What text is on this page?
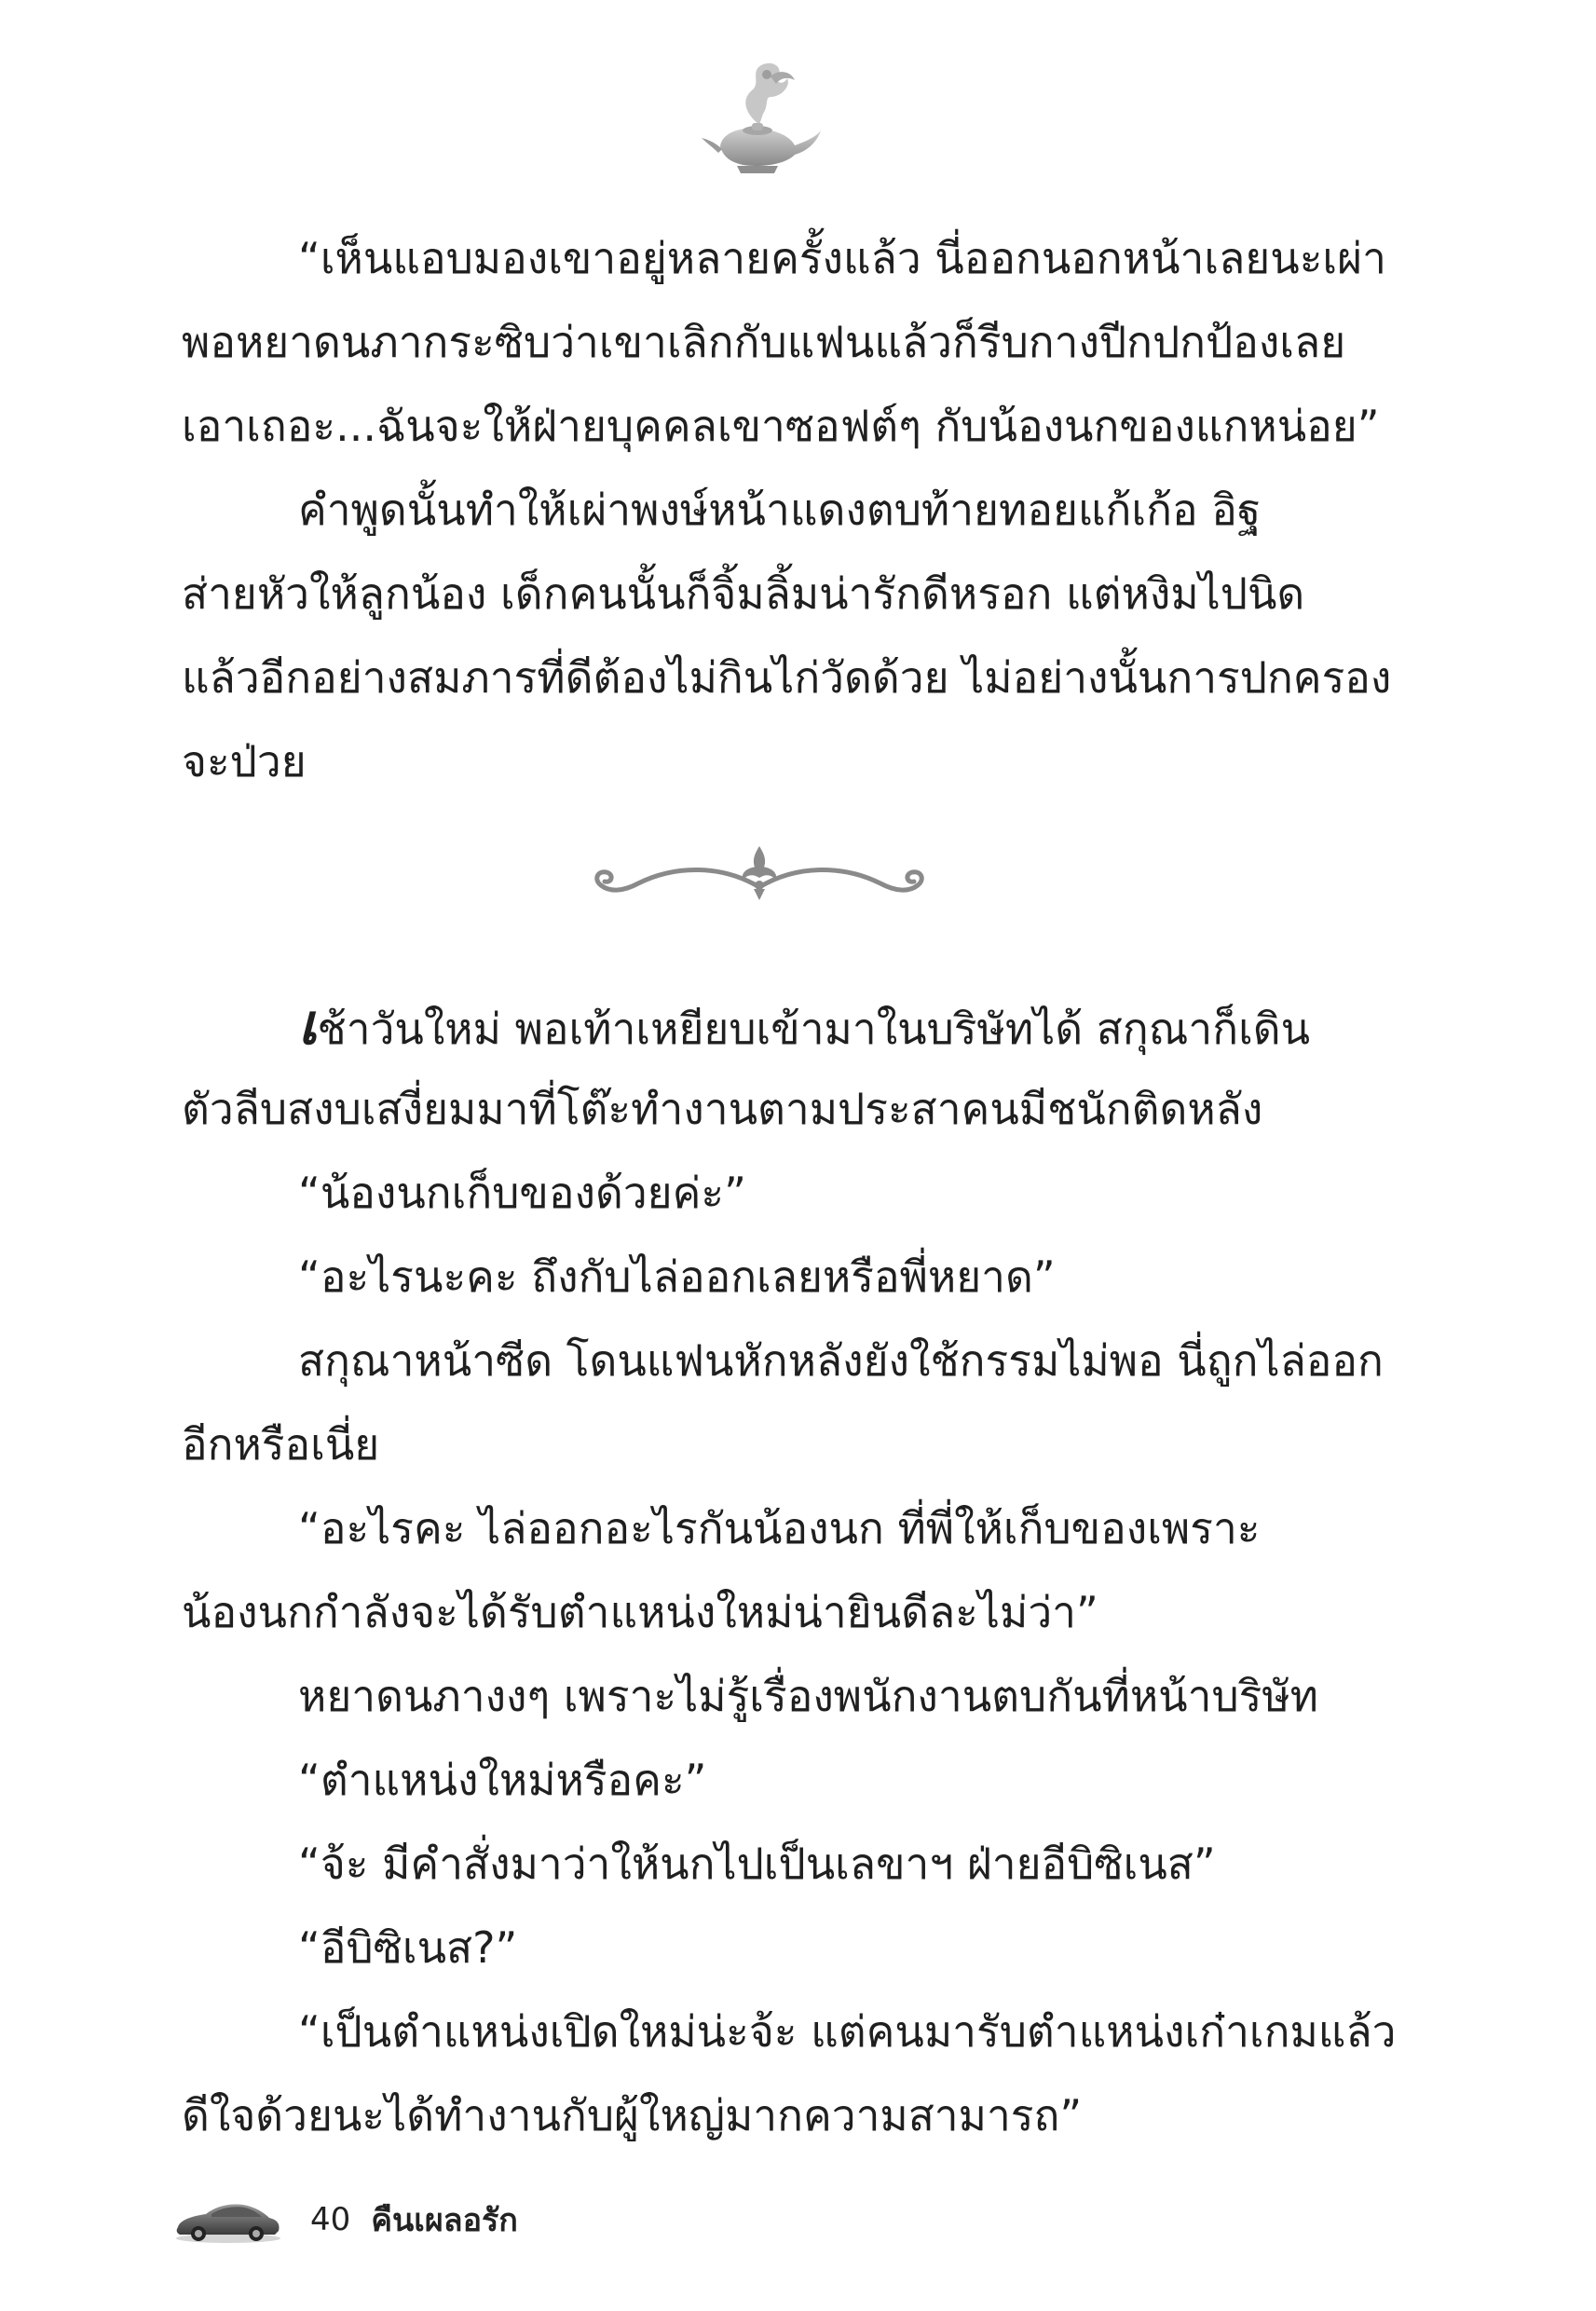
“เห็นแอบมองเขาอยู่หลายครั้งแล้ว นี่ออกนอกหน้าเลยนะเผ่า
พอหยาดนภากระซิบว่าเขาเลิกกับแฟนแล้วก็รีบกางปีกปกป้องเลย
เอาเถอะ...ฉันจะให้ฝ่ายบุคคลเขาซอฟต์ๆ กับน้องนกของแกหน่อย”
คำพูดนั้นทำให้เผ่าพงษ์หน้าแดงตบท้ายทอยแก้เก้อ อิฐ
ส่ายหัวให้ลูกน้อง เด็กคนนั้นก็จิ้มลิ้มน่ารักดีหรอก แต่หงิมไปนิด
แล้วอีกอย่างสมภารที่ดีต้องไม่กินไก่วัดด้วย ไม่อย่างนั้นการปกครอง
จะป่วย
เช้าวันใหม่ พอเท้าเหยียบเข้ามาในบริษัทได้ สกุณาก็เดิน
ตัวลีบสงบเสงี่ยมมาที่โต๊ะทำงานตามประสาคนมีชนักติดหลัง
“น้องนกเก็บของด้วยค่ะ”
“อะไรนะคะ ถึงกับไล่ออกเลยหรือพี่หยาด”
สกุณาหน้าซีด โดนแฟนหักหลังยังใช้กรรมไม่พอ นี่ถูกไล่ออก
อีกหรือเนี่ย
“อะไรคะ ไล่ออกอะไรกันน้องนก ที่พี่ให้เก็บของเพราะ
น้องนกกำลังจะได้รับตำแหน่งใหม่น่ายินดีละไม่ว่า”
หยาดนภางงๆ เพราะไม่รู้เรื่องพนักงานตบกันที่หน้าบริษัท
“ตำแหน่งใหม่หรือคะ”
“จ้ะ มีคำสั่งมาว่าให้นกไปเป็นเลขาฯ ฝ่ายอีบิซิเนส”
“อีบิซิเนส?”
“เป็นตำแหน่งเปิดใหม่น่ะจ้ะ แต่คนมารับตำแหน่งเก๋าเกมแล้ว
ดีใจด้วยนะได้ทำงานกับผู้ใหญ่มากความสามารถ”
40 คืนเผลอรัก
